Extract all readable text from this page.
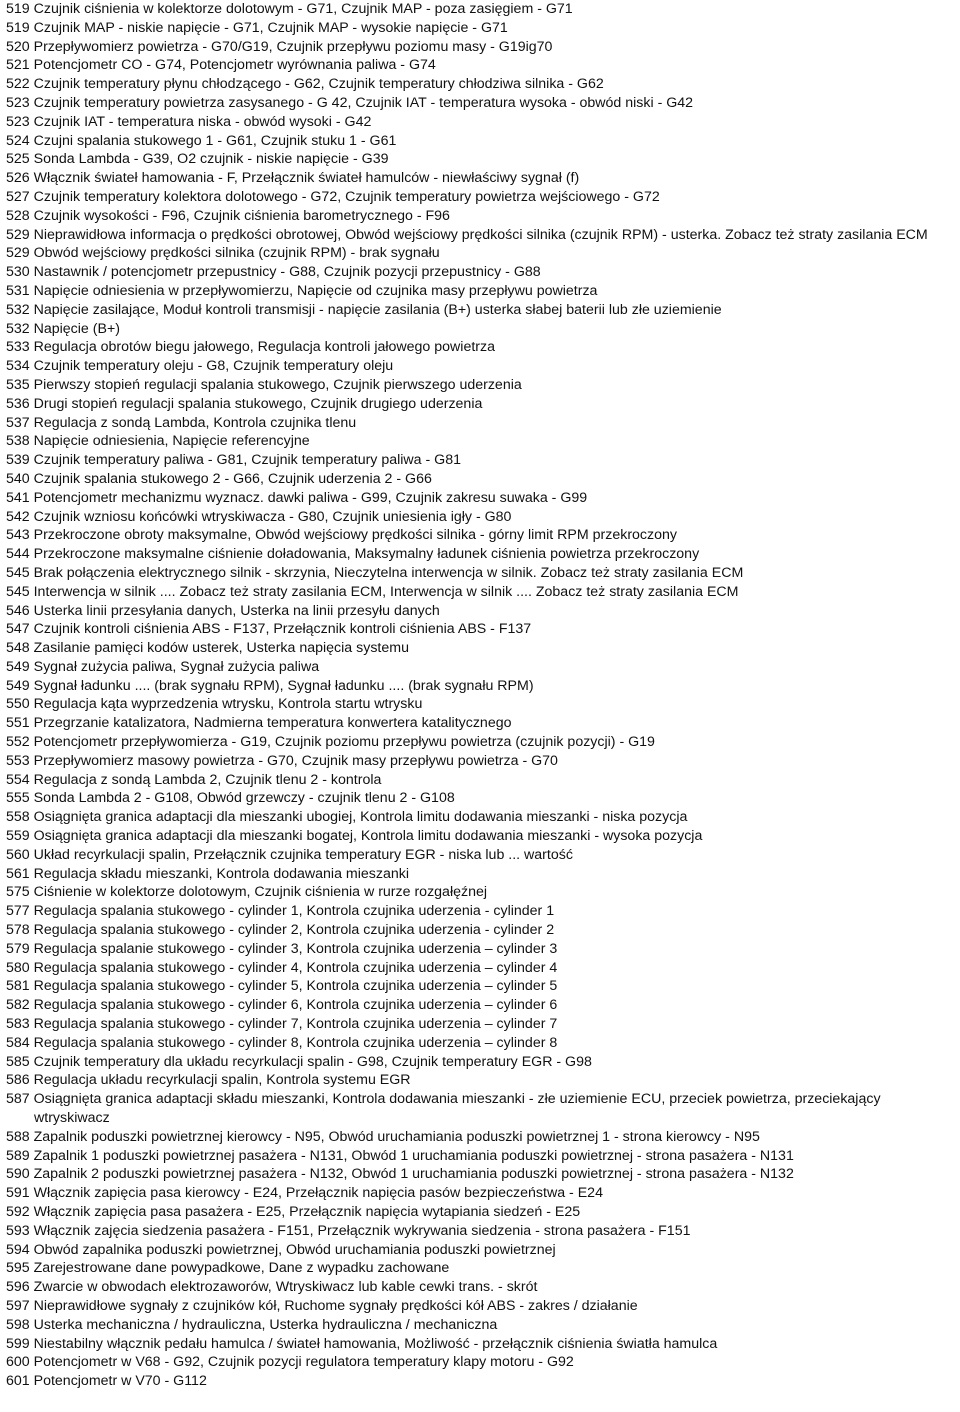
519 Czujnik ciśnienia w kolektorze dolotowym - G71, Czujnik MAP - poza zasięgiem - G71
519 Czujnik MAP - niskie napięcie - G71, Czujnik MAP - wysokie napięcie - G71
520 Przepływomierz powietrza - G70/G19, Czujnik przepływu poziomu masy - G19ig70
521 Potencjometr CO - G74, Potencjometr wyrównania paliwa - G74
522 Czujnik temperatury płynu chłodzącego - G62, Czujnik temperatury chłodziwa silnika - G62
523 Czujnik temperatury powietrza zasysanego - G 42, Czujnik IAT - temperatura wysoka - obwód niski - G42
523 Czujnik IAT - temperatura niska - obwód wysoki - G42
524 Czujni spalania stukowego 1 - G61, Czujnik stuku 1 - G61
525 Sonda Lambda - G39, O2 czujnik - niskie napięcie - G39
526 Włącznik świateł hamowania - F, Przełącznik świateł hamulców - niewłaściwy sygnał (f)
527 Czujnik temperatury kolektora dolotowego - G72, Czujnik temperatury powietrza wejściowego - G72
528 Czujnik wysokości - F96, Czujnik ciśnienia barometrycznego - F96
529 Nieprawidłowa informacja o prędkości obrotowej, Obwód wejściowy prędkości silnika (czujnik RPM) - usterka. Zobacz też straty zasilania ECM
529 Obwód wejściowy prędkości silnika (czujnik RPM) - brak sygnału
530 Nastawnik / potencjometr przepustnicy - G88, Czujnik pozycji przepustnicy - G88
531 Napięcie odniesienia w przepływomierzu, Napięcie od czujnika masy przepływu powietrza
532 Napięcie zasilające, Moduł kontroli transmisji - napięcie zasilania (B+) usterka słabej baterii lub złe uziemienie
532 Napięcie (B+)
533 Regulacja obrotów biegu jałowego, Regulacja kontroli jałowego powietrza
534 Czujnik temperatury oleju - G8, Czujnik temperatury oleju
535 Pierwszy stopień regulacji spalania stukowego, Czujnik pierwszego uderzenia
536 Drugi stopień regulacji spalania stukowego, Czujnik drugiego uderzenia
537 Regulacja z sondą Lambda, Kontrola czujnika tlenu
538 Napięcie odniesienia, Napięcie referencyjne
539 Czujnik temperatury paliwa - G81, Czujnik temperatury paliwa - G81
540 Czujnik spalania stukowego 2 - G66, Czujnik uderzenia 2 - G66
541 Potencjometr mechanizmu wyznacz. dawki paliwa - G99, Czujnik zakresu suwaka - G99
542 Czujnik wzniosu końcówki wtryskiwacza - G80, Czujnik uniesienia igły - G80
543 Przekroczone obroty maksymalne, Obwód wejściowy prędkości silnika - górny limit RPM przekroczony
544 Przekroczone maksymalne ciśnienie doładowania, Maksymalny ładunek ciśnienia powietrza przekroczony
545 Brak połączenia elektrycznego silnik - skrzynia, Nieczytelna interwencja w silnik. Zobacz też straty zasilania ECM
545 Interwencja w silnik .... Zobacz też straty zasilania ECM, Interwencja w silnik .... Zobacz też straty zasilania ECM
546 Usterka linii przesyłania danych, Usterka na linii przesyłu danych
547 Czujnik kontroli ciśnienia ABS - F137, Przełącznik kontroli ciśnienia ABS - F137
548 Zasilanie pamięci kodów usterek, Usterka napięcia systemu
549 Sygnał zużycia paliwa, Sygnał zużycia paliwa
549 Sygnał ładunku .... (brak sygnału RPM), Sygnał ładunku .... (brak sygnału RPM)
550 Regulacja kąta wyprzedzenia wtrysku, Kontrola startu wtrysku
551 Przegrzanie katalizatora, Nadmierna temperatura konwertera katalitycznego
552 Potencjometr przepływomierza - G19, Czujnik poziomu przepływu powietrza (czujnik pozycji) - G19
553 Przepływomierz masowy powietrza - G70, Czujnik masy przepływu powietrza - G70
554 Regulacja z sondą Lambda 2, Czujnik tlenu 2 - kontrola
555 Sonda Lambda 2 - G108, Obwód grzewczy - czujnik tlenu 2 - G108
558 Osiągnięta granica adaptacji dla mieszanki ubogiej, Kontrola limitu dodawania mieszanki - niska pozycja
559 Osiągnięta granica adaptacji dla mieszanki bogatej, Kontrola limitu dodawania mieszanki - wysoka pozycja
560 Układ recyrkulacji spalin, Przełącznik czujnika temperatury EGR - niska lub ... wartość
561 Regulacja składu mieszanki, Kontrola dodawania mieszanki
575 Ciśnienie w kolektorze dolotowym, Czujnik ciśnienia w rurze rozgałęźnej
577 Regulacja spalania stukowego - cylinder 1, Kontrola czujnika uderzenia - cylinder 1
578 Regulacja spalania stukowego - cylinder 2, Kontrola czujnika uderzenia - cylinder 2
579 Regulacja spalanie stukowego - cylinder 3, Kontrola czujnika uderzenia – cylinder 3
580 Regulacja spalania stukowego - cylinder 4, Kontrola czujnika uderzenia – cylinder 4
581 Regulacja spalania stukowego - cylinder 5, Kontrola czujnika uderzenia – cylinder 5
582 Regulacja spalania stukowego - cylinder 6, Kontrola czujnika uderzenia – cylinder 6
583 Regulacja spalania stukowego - cylinder 7, Kontrola czujnika uderzenia – cylinder 7
584 Regulacja spalania stukowego - cylinder 8, Kontrola czujnika uderzenia – cylinder 8
585 Czujnik temperatury dla układu recyrkulacji spalin - G98, Czujnik temperatury EGR - G98
586 Regulacja układu recyrkulacji spalin, Kontrola systemu EGR
587 Osiągnięta granica adaptacji składu mieszanki, Kontrola dodawania mieszanki - złe uziemienie ECU, przeciek powietrza, przeciekający wtryskiwacz
588 Zapalnik poduszki powietrznej kierowcy - N95, Obwód uruchamiania poduszki powietrznej 1 - strona kierowcy - N95
589 Zapalnik 1 poduszki powietrznej pasażera - N131, Obwód 1 uruchamiania poduszki powietrznej - strona pasażera - N131
590 Zapalnik 2 poduszki powietrznej pasażera - N132, Obwód 1 uruchamiania poduszki powietrznej - strona pasażera - N132
591 Włącznik zapięcia pasa kierowcy - E24, Przełącznik napięcia pasów bezpieczeństwa - E24
592 Włącznik zapięcia pasa pasażera - E25, Przełącznik napięcia wytapiania siedzeń - E25
593 Włącznik zajęcia siedzenia pasażera - F151, Przełącznik wykrywania siedzenia - strona pasażera - F151
594 Obwód zapalnika poduszki powietrznej, Obwód uruchamiania poduszki powietrznej
595 Zarejestrowane dane powypadkowe, Dane z wypadku zachowane
596 Zwarcie w obwodach elektrozaworów, Wtryskiwacz lub kable cewki trans. - skrót
597 Nieprawidłowe sygnały z czujników kół, Ruchome sygnały prędkości kół ABS - zakres / działanie
598 Usterka mechaniczna / hydrauliczna, Usterka hydrauliczna / mechaniczna
599 Niestabilny włącznik pedału hamulca / świateł hamowania, Możliwość - przełącznik ciśnienia światła hamulca
600 Potencjometr w V68 - G92, Czujnik pozycji regulatora temperatury klapy motoru - G92
601 Potencjometr w V70 - G112
